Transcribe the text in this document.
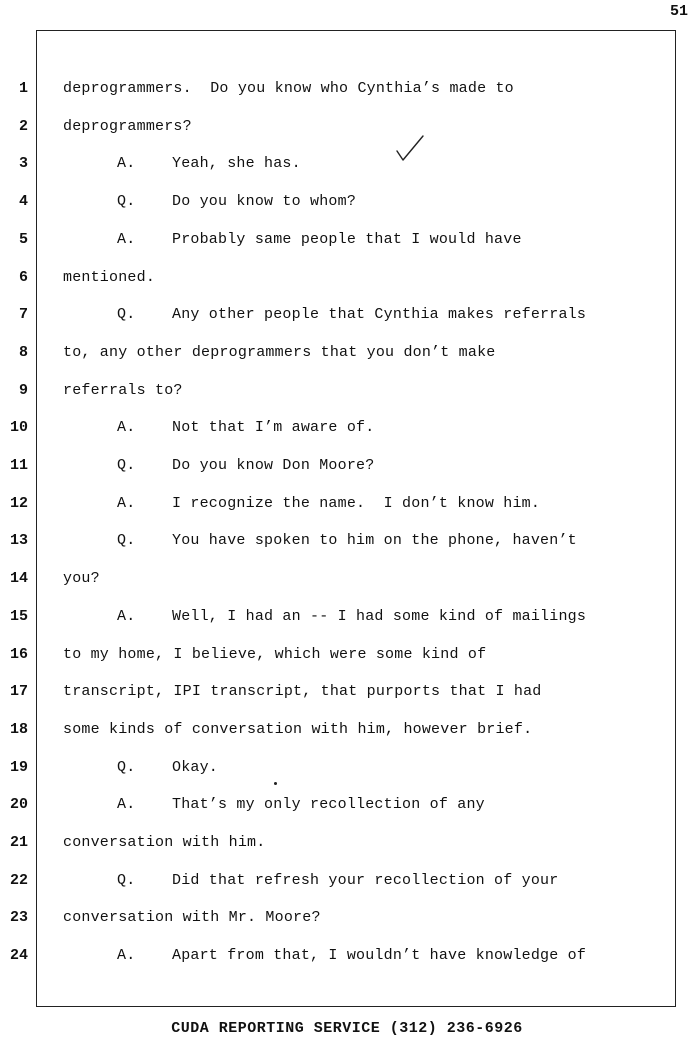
51
1 deprogrammers.  Do you know who Cynthia’s made to
2 deprogrammers?
3	A. Yeah, she has.
4	Q. Do you know to whom?
5	A. Probably same people that I would have
6 mentioned.
7	Q. Any other people that Cynthia makes referrals
8 to, any other deprogrammers that you don’t make
9 referrals to?
10	A. Not that I’m aware of.
11	Q. Do you know Don Moore?
12	A. I recognize the name.  I don’t know him.
13	Q. You have spoken to him on the phone, haven’t
14 you?
15	A. Well, I had an -- I had some kind of mailings
16 to my home, I believe, which were some kind of
17 transcript, IPI transcript, that purports that I had
18 some kinds of conversation with him, however brief.
19	Q. Okay.
20	A. That’s my only recollection of any
21 conversation with him.
22	Q. Did that refresh your recollection of your
23 conversation with Mr. Moore?
24	A. Apart from that, I wouldn’t have knowledge of
CUDA REPORTING SERVICE (312) 236-6926
